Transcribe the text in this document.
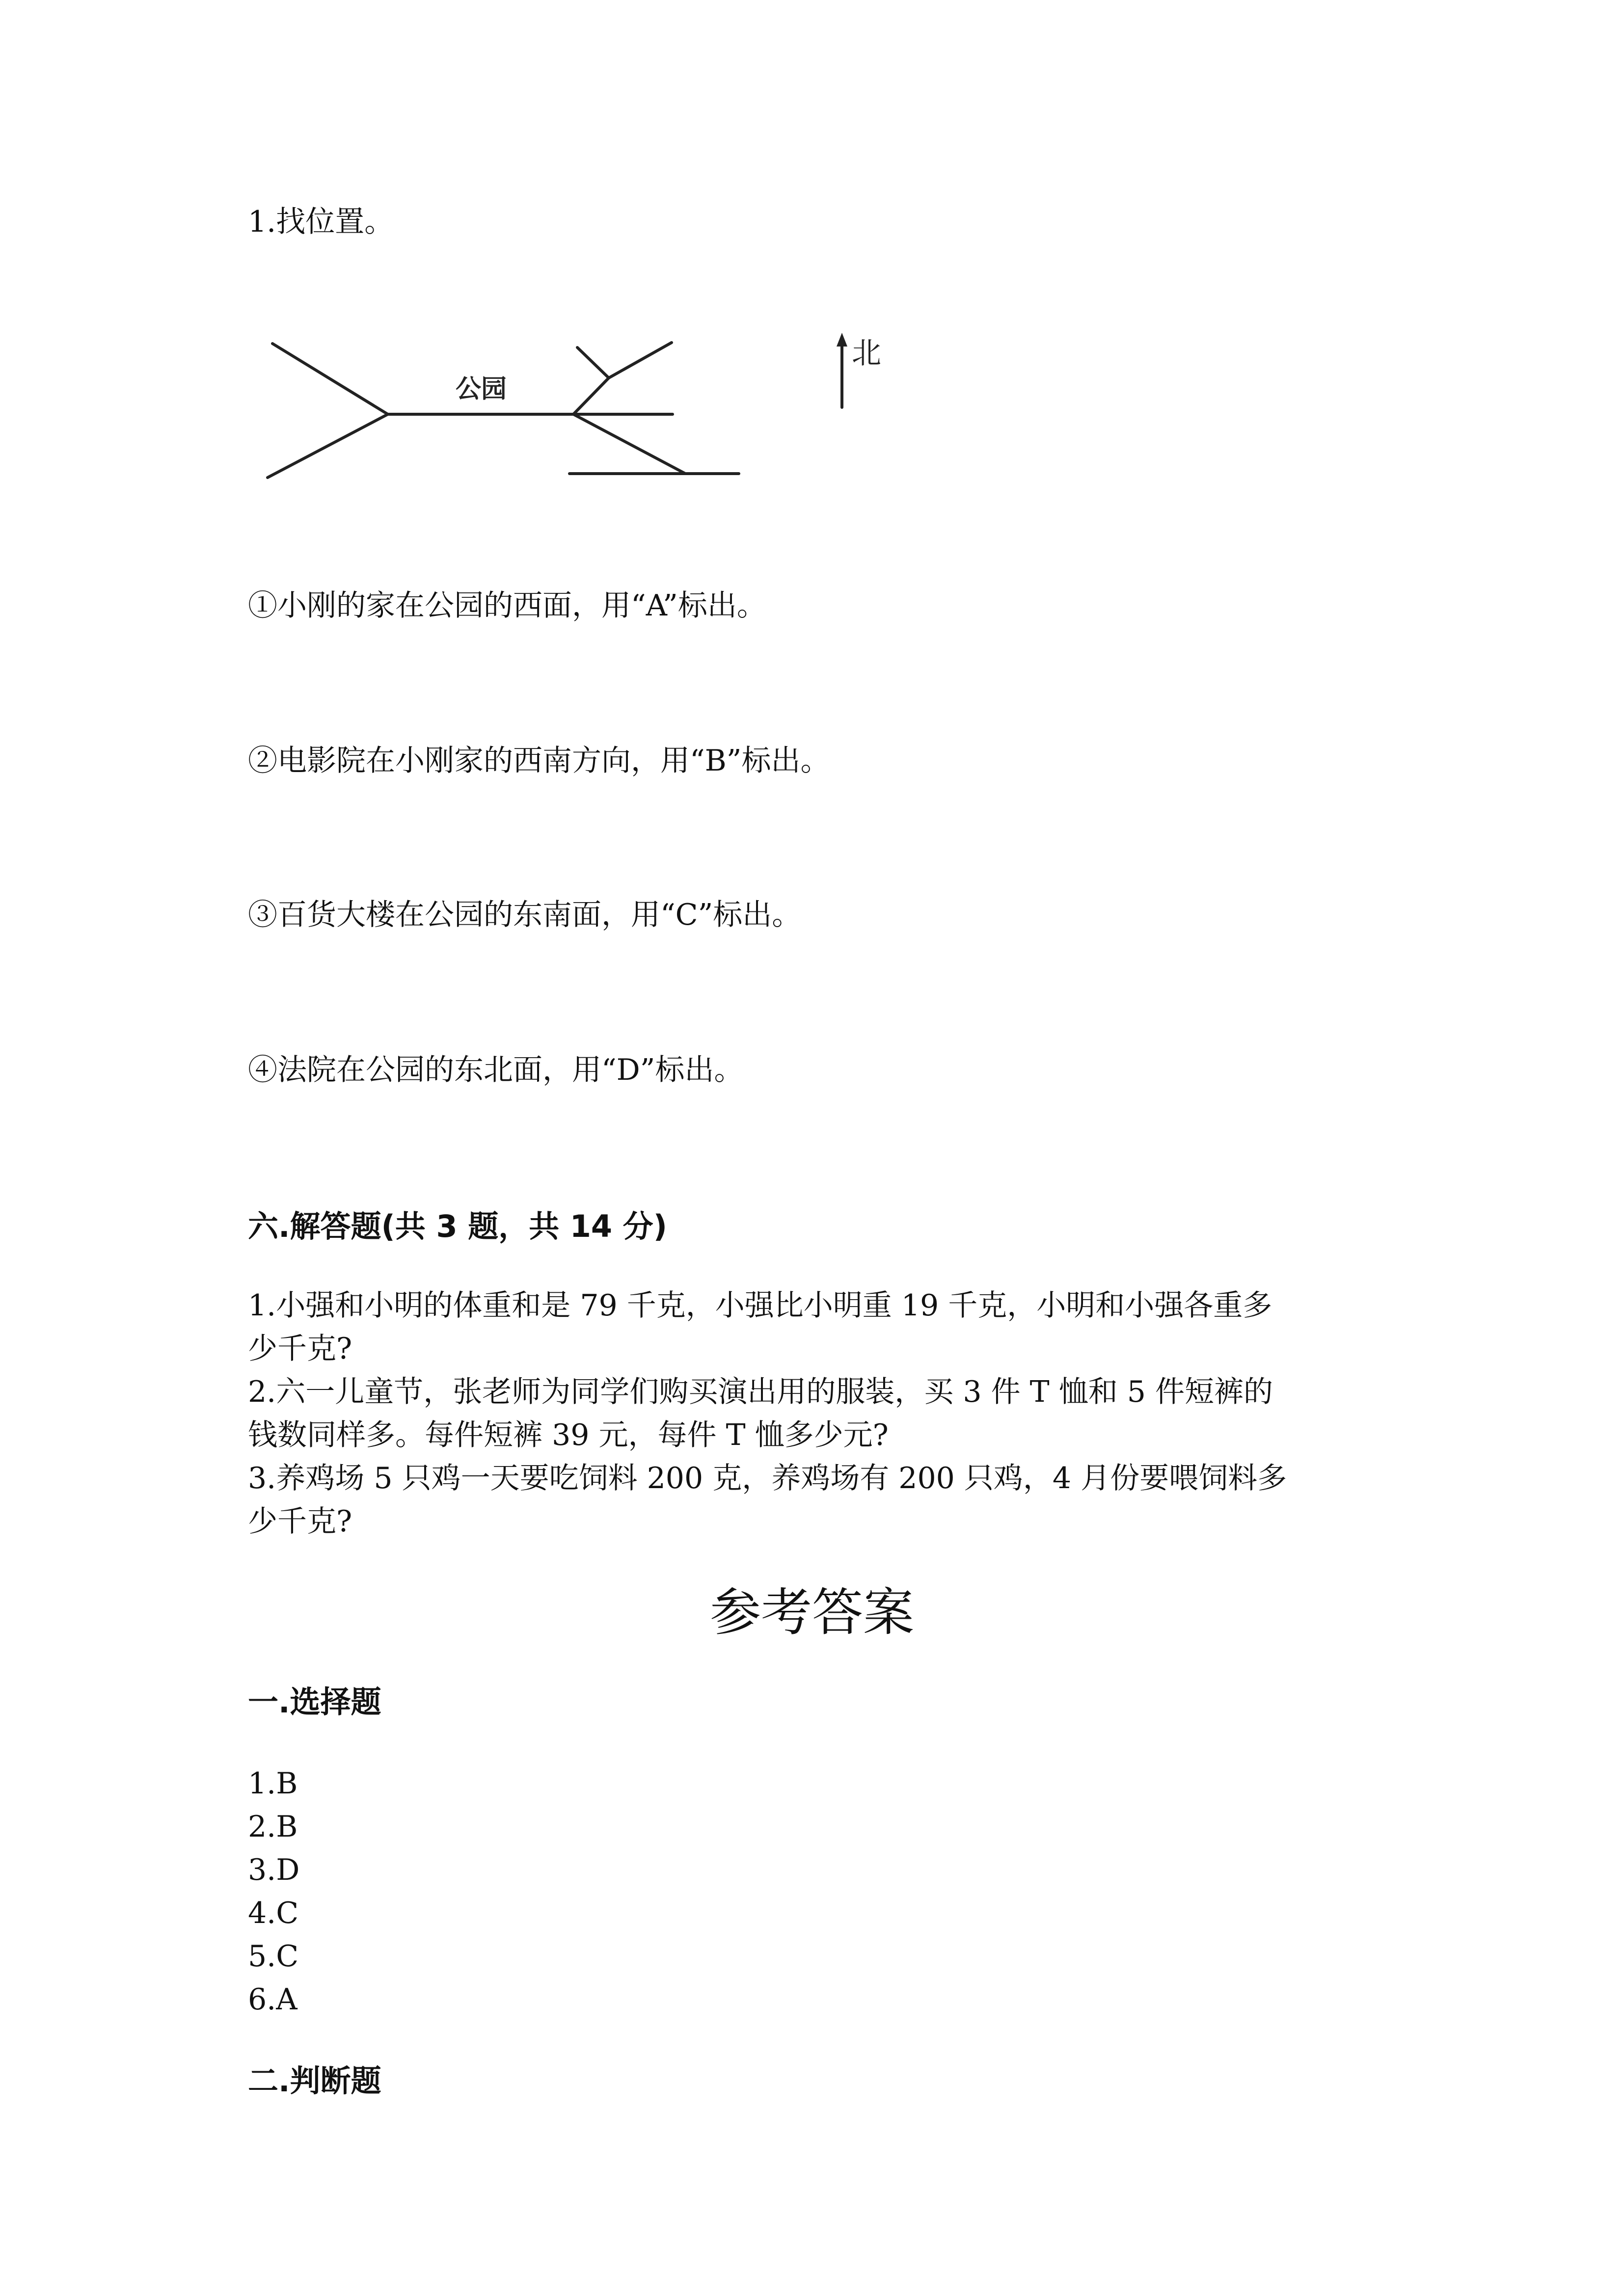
1.找位置。

公园
北

①小刚的家在公园的西面，用“A”标出。

②电影院在小刚家的西南方向，用“B”标出。

③百货大楼在公园的东南面，用“C”标出。

④法院在公园的东北面，用“D”标出。

六.解答题(共 3 题，共 14 分)

1.小强和小明的体重和是 79 千克，小强比小明重 19 千克，小明和小强各重多

少千克?

2.六一儿童节，张老师为同学们购买演出用的服装，买 3 件 T 恤和 5 件短裤的

钱数同样多。每件短裤 39 元，每件 T 恤多少元?

3.养鸡场 5 只鸡一天要吃饲料 200 克，养鸡场有 200 只鸡，4 月份要喂饲料多

少千克?

参考答案

一.选择题

1.B

2.B

3.D

4.C

5.C

6.A

二.判断题
